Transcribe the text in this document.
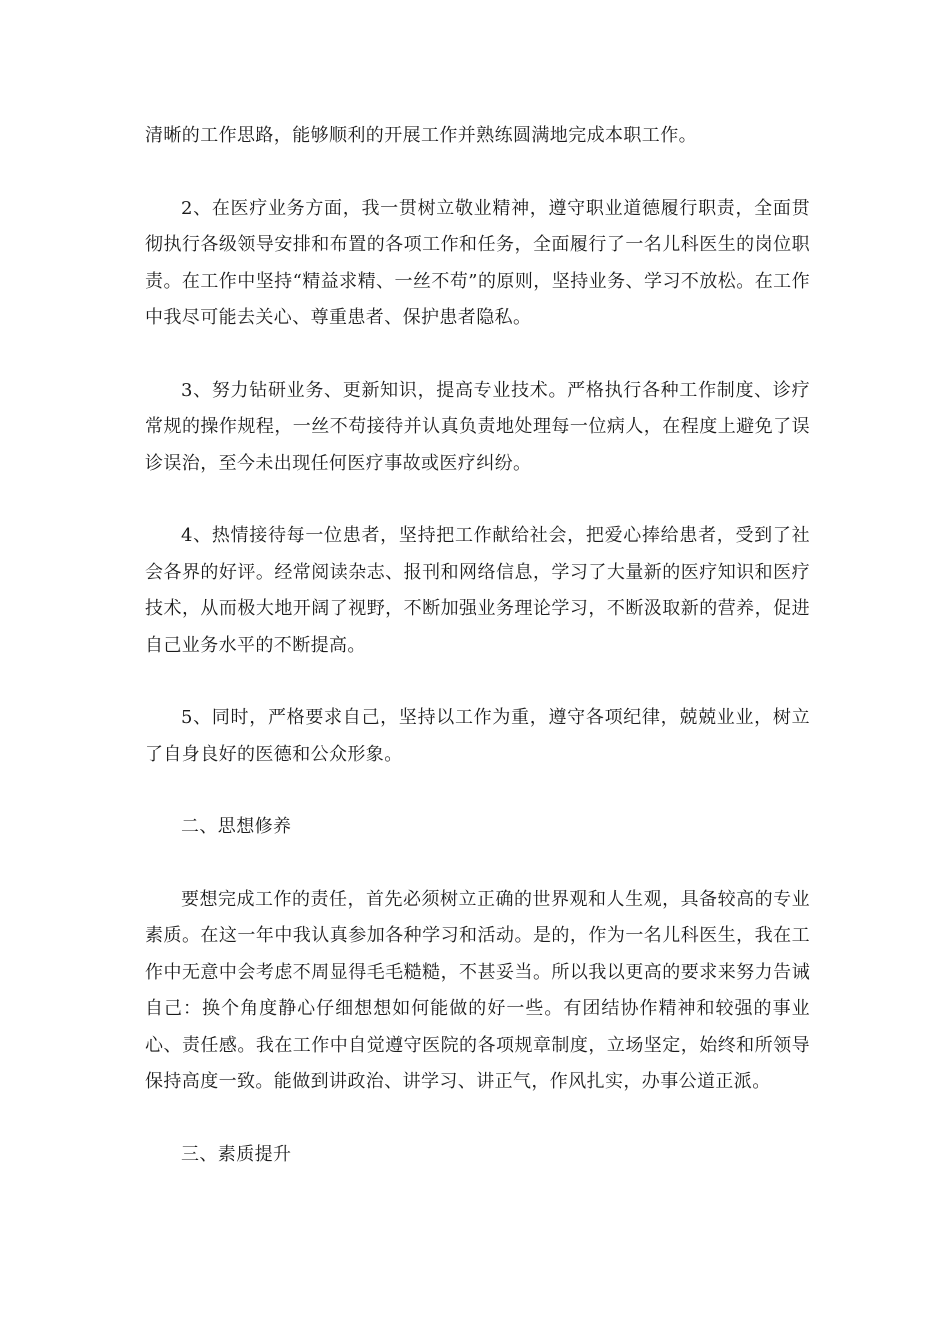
清晰的工作思路，能够顺利的开展工作并熟练圆满地完成本职工作。

2、在医疗业务方面，我一贯树立敬业精神，遵守职业道德履行职责，全面贯彻执行各级领导安排和布置的各项工作和任务，全面履行了一名儿科医生的岗位职责。在工作中坚持“精益求精、一丝不苟”的原则，坚持业务、学习不放松。在工作中我尽可能去关心、尊重患者、保护患者隐私。

3、努力钻研业务、更新知识，提高专业技术。严格执行各种工作制度、诊疗常规的操作规程，一丝不苟接待并认真负责地处理每一位病人，在程度上避免了误诊误治，至今未出现任何医疗事故或医疗纠纷。

4、热情接待每一位患者，坚持把工作献给社会，把爱心捧给患者，受到了社会各界的好评。经常阅读杂志、报刊和网络信息，学习了大量新的医疗知识和医疗技术，从而极大地开阔了视野，不断加强业务理论学习，不断汲取新的营养，促进自己业务水平的不断提高。

5、同时，严格要求自己，坚持以工作为重，遵守各项纪律，兢兢业业，树立了自身良好的医德和公众形象。

二、思想修养

要想完成工作的责任，首先必须树立正确的世界观和人生观，具备较高的专业素质。在这一年中我认真参加各种学习和活动。是的，作为一名儿科医生，我在工作中无意中会考虑不周显得毛毛糙糙，不甚妥当。所以我以更高的要求来努力告诫自己：换个角度静心仔细想想如何能做的好一些。有团结协作精神和较强的事业心、责任感。我在工作中自觉遵守医院的各项规章制度，立场坚定，始终和所领导保持高度一致。能做到讲政治、讲学习、讲正气，作风扎实，办事公道正派。

三、素质提升
